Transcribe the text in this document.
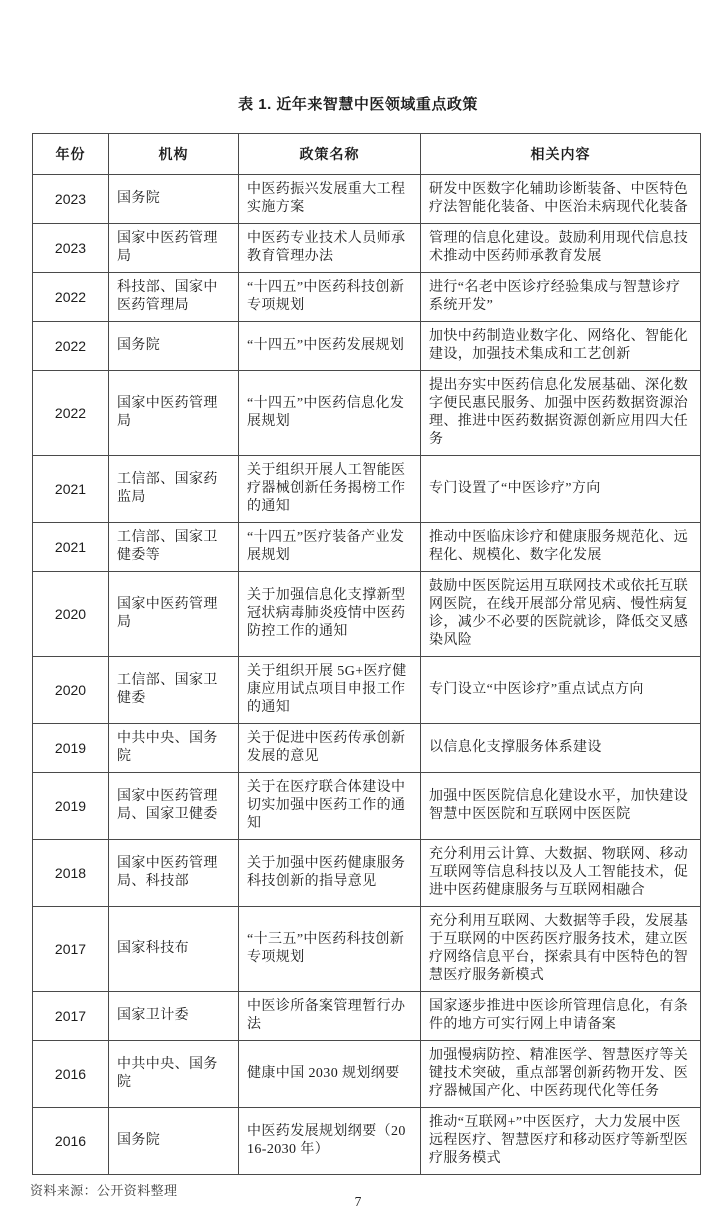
表 1. 近年来智慧中医领域重点政策
年份	机构	政策名称	相关内容
2023	国务院	中医药振兴发展重大工程实施方案	研发中医数字化辅助诊断装备、中医特色疗法智能化装备、中医治未病现代化装备
2023	国家中医药管理局	中医药专业技术人员师承教育管理办法	管理的信息化建设。鼓励利用现代信息技术推动中医药师承教育发展
2022	科技部、国家中医药管理局	“十四五”中医药科技创新专项规划	进行“名老中医诊疗经验集成与智慧诊疗系统开发”
2022	国务院	“十四五”中医药发展规划	加快中药制造业数字化、网络化、智能化建设，加强技术集成和工艺创新
2022	国家中医药管理局	“十四五”中医药信息化发展规划	提出夯实中医药信息化发展基础、深化数字便民惠民服务、加强中医药数据资源治理、推进中医药数据资源创新应用四大任务
2021	工信部、国家药监局	关于组织开展人工智能医疗器械创新任务揭榜工作的通知	专门设置了“中医诊疗”方向
2021	工信部、国家卫健委等	“十四五”医疗装备产业发展规划	推动中医临床诊疗和健康服务规范化、远程化、规模化、数字化发展
2020	国家中医药管理局	关于加强信息化支撑新型冠状病毒肺炎疫情中医药防控工作的通知	鼓励中医医院运用互联网技术或依托互联网医院，在线开展部分常见病、慢性病复诊，减少不必要的医院就诊，降低交叉感染风险
2020	工信部、国家卫健委	关于组织开展 5G+医疗健康应用试点项目申报工作的通知	专门设立“中医诊疗”重点试点方向
2019	中共中央、国务院	关于促进中医药传承创新发展的意见	以信息化支撑服务体系建设
2019	国家中医药管理局、国家卫健委	关于在医疗联合体建设中切实加强中医药工作的通知	加强中医医院信息化建设水平，加快建设智慧中医医院和互联网中医医院
2018	国家中医药管理局、科技部	关于加强中医药健康服务科技创新的指导意见	充分利用云计算、大数据、物联网、移动互联网等信息科技以及人工智能技术，促进中医药健康服务与互联网相融合
2017	国家科技布	“十三五”中医药科技创新专项规划	充分利用互联网、大数据等手段，发展基于互联网的中医药医疗服务技术，建立医疗网络信息平台，探索具有中医特色的智慧医疗服务新模式
2017	国家卫计委	中医诊所备案管理暂行办法	国家逐步推进中医诊所管理信息化，有条件的地方可实行网上申请备案
2016	中共中央、国务院	健康中国 2030 规划纲要	加强慢病防控、精准医学、智慧医疗等关键技术突破，重点部署创新药物开发、医疗器械国产化、中医药现代化等任务
2016	国务院	中医药发展规划纲要（2016-2030 年）	推动“互联网+”中医医疗，大力发展中医远程医疗、智慧医疗和移动医疗等新型医疗服务模式
资料来源：公开资料整理
7
